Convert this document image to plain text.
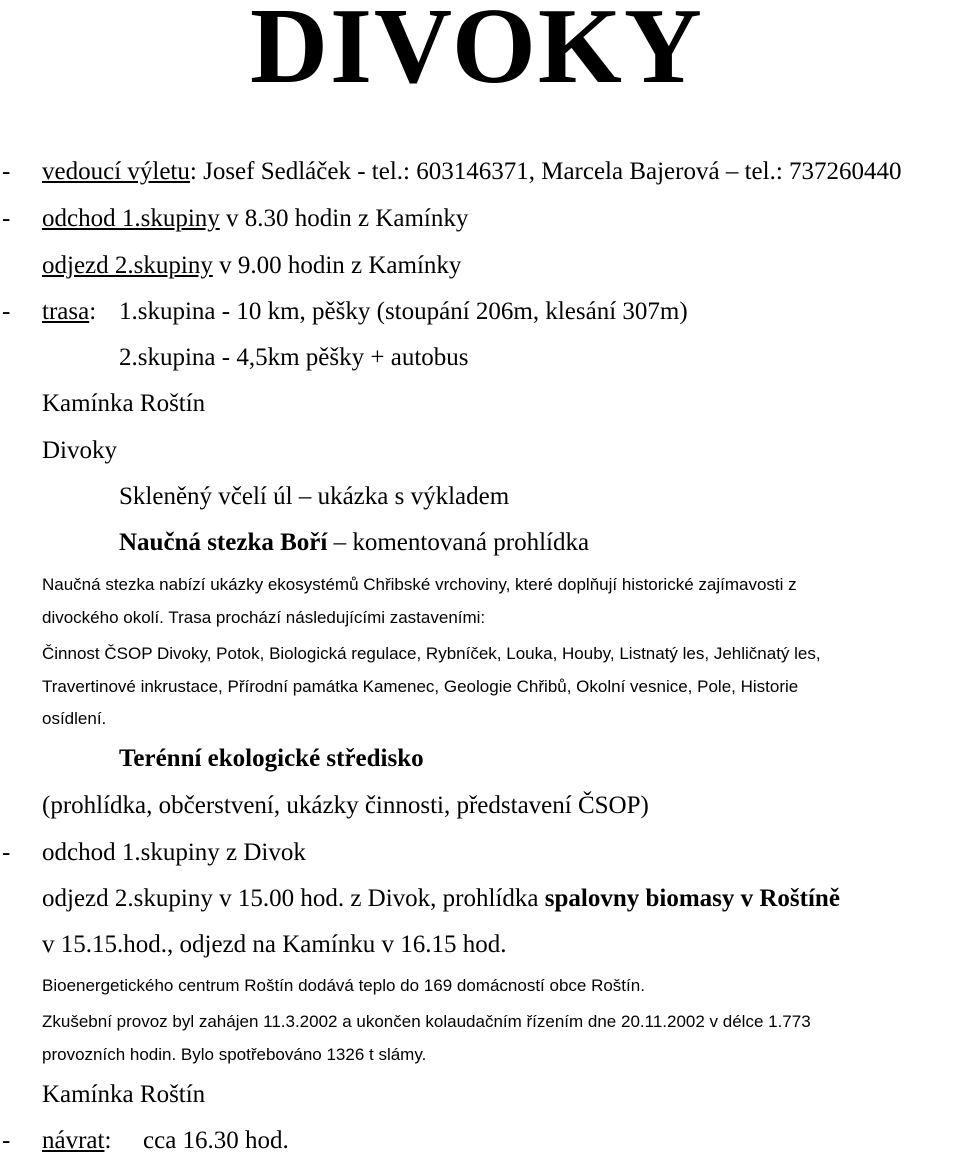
DIVOKY
- vedoucí výletu: Josef Sedláček - tel.: 603146371, Marcela Bajerová – tel.: 737260440
- odchod 1.skupiny v 8.30 hodin z Kamínky
odjezd 2.skupiny v 9.00 hodin z Kamínky
- trasa: 1.skupina - 10 km, pěšky (stoupání 206m, klesání 307m)
2.skupina - 4,5km pěšky + autobus
Kamínka Roštín
Divoky
Skleněný včelí úl – ukázka s výkladem
Naučná stezka Boří – komentovaná prohlídka
Naučná stezka nabízí ukázky ekosystémů Chřibské vrchoviny, které doplňují historické zajímavosti z
divockého okolí. Trasa prochází následujícími zastaveními:
Činnost ČSOP Divoky, Potok, Biologická regulace, Rybníček, Louka, Houby, Listnatý les, Jehličnatý les,
Travertinové inkrustace, Přírodní památka Kamenec, Geologie Chřibů, Okolní vesnice, Pole, Historie
osídlení.
Terénní ekologické středisko
(prohlídka, občerstvení, ukázky činnosti, představení ČSOP)
- odchod 1.skupiny z Divok
odjezd 2.skupiny v 15.00 hod. z Divok, prohlídka spalovny biomasy v Roštíně
v 15.15.hod., odjezd na Kamínku v 16.15 hod.
Bioenergetického centrum Roštín dodává teplo do 169 domácností obce Roštín.
Zkušební provoz byl zahájen 11.3.2002 a ukončen kolaudačním řízením dne 20.11.2002 v délce 1.773
provozních hodin. Bylo spotřebováno 1326 t slámy.
Kamínka Roštín
- návrat: cca 16.30 hod.
